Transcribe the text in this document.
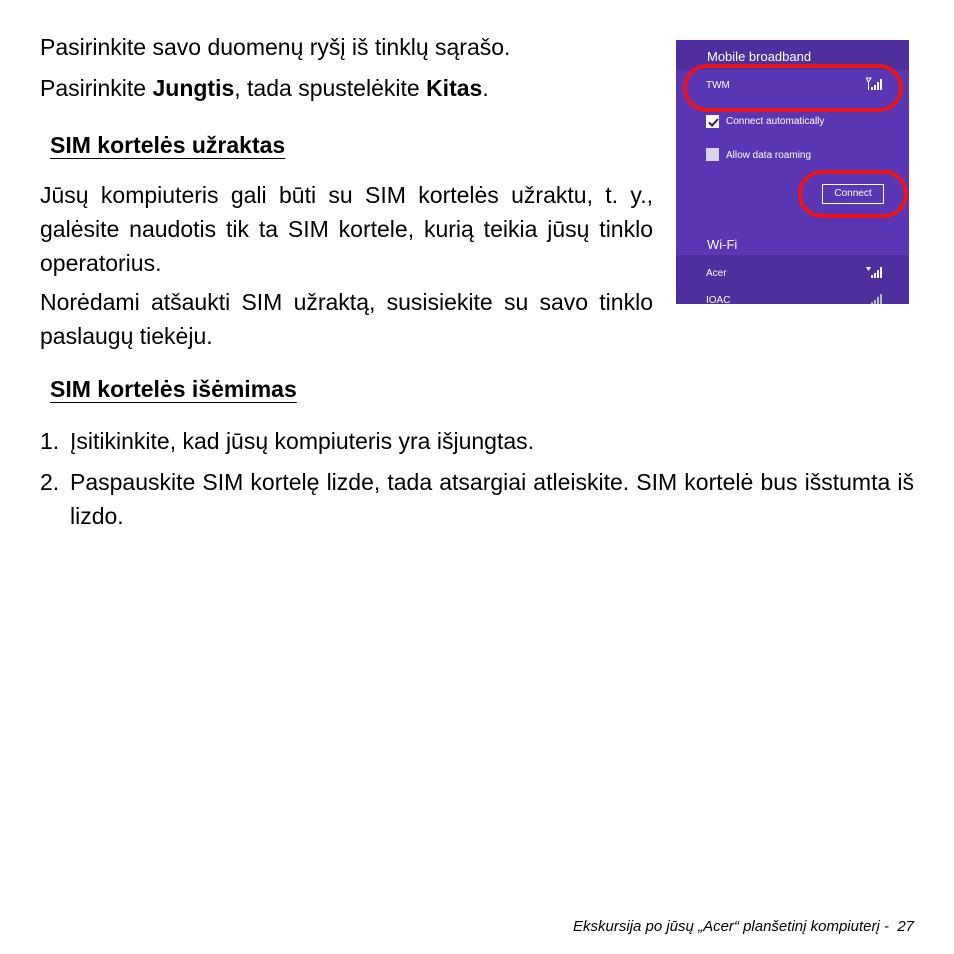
Pasirinkite savo duomenų ryšį iš tinklų sąrašo.

Pasirinkite Jungtis, tada spustelėkite Kitas.

SIM kortelės užraktas

Jūsų kompiuteris gali būti su SIM kortelės užraktu, t. y., galėsite naudotis tik ta SIM kortele, kurią teikia jūsų tinklo operatorius.

Norėdami atšaukti SIM užraktą, susisiekite su savo tinklo paslaugų tiekėju.

SIM kortelės išėmimas
1. Įsitikinkite, kad jūsų kompiuteris yra išjungtas.
2. Paspauskite SIM kortelę lizde, tada atsargiai atleiskite. SIM kortelė bus išstumta iš lizdo.
Mobile broadband
TWM
Connect automatically
Allow data roaming
Connect
Wi-Fi
Acer
IOAC
Ekskursija po jūsų „Acer“ planšetinį kompiuterį - 27
